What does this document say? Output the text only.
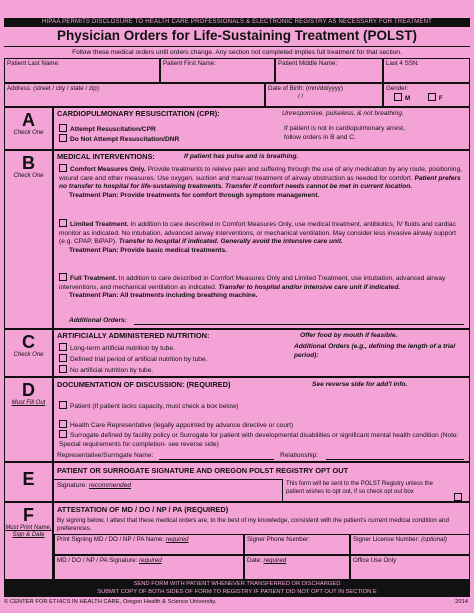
HIPAA PERMITS DISCLOSURE TO HEALTH CARE PROFESSIONALS & ELECTRONIC REGISTRY AS NECESSARY FOR TREATMENT
Physician Orders for Life-Sustaining Treatment (POLST)
Follow these medical orders until orders change. Any section not completed implies full treatment for that section.
Patient Last Name:	Patient First Name:	Patient Middle Name:	Last 4 SSN:
Address: (street / city / state / zip):	Date of Birth: (mm/dd/yyyy)
/ /
Gender:
M	F
A
Check One
CARDIOPULMONARY RESUSCITATION (CPR):	Unresponsive, pulseless, & not breathing.
Attempt Resuscitation/CPR
Do Not Attempt Resuscitation/DNR
If patient is not in cardiopulmonary arrest,
follow orders in B and C.
B
Check One
MEDICAL INTERVENTIONS:	If patient has pulse and is breathing.
Comfort Measures Only. Provide treatments to relieve pain and suffering through the use of any medication by any route, positioning, wound care and other measures. Use oxygen, suction and manual treatment of airway obstruction as needed for comfort. Patient prefers no transfer to hospital for life-sustaining treatments. Transfer if comfort needs cannot be met in current location.
Treatment Plan: Provide treatments for comfort through symptom management.
Limited Treatment. In addition to care described in Comfort Measures Only, use medical treatment, antibiotics, IV fluids and cardiac monitor as indicated. No intubation, advanced airway interventions, or mechanical ventilation. May consider less invasive airway support (e.g. CPAP, BiPAP). Transfer to hospital if indicated. Generally avoid the intensive care unit.
Treatment Plan: Provide basic medical treatments.
Full Treatment. In addition to care described in Comfort Measures Only and Limited Treatment, use intubation, advanced airway interventions, and mechanical ventilation as indicated. Transfer to hospital and/or intensive care unit if indicated.
Treatment Plan: All treatments including breathing machine.
Additional Orders:
C
Check One
ARTIFICIALLY ADMINISTERED NUTRITION:	Offer food by mouth if feasible.
Long-term artificial nutrition by tube.
Defined trial period of artificial nutrition by tube.
No artificial nutrition by tube.
Additional Orders (e.g., defining the length of a trial period):
D
Must Fill Out
DOCUMENTATION OF DISCUSSION: (REQUIRED)	See reverse side for add'l info.
Patient (If patient lacks capacity, must check a box below)
Health Care Representative (legally appointed by advance directive or court)
Surrogate defined by facility policy or Surrogate for patient with developmental disabilities or significant mental health condition (Note: Special requirements for completion- see reverse side)
Representative/Surrogate Name:	Relationship:
E	PATIENT OR SURROGATE SIGNATURE AND OREGON POLST REGISTRY OPT OUT
Signature: recommended	This form will be sent to the POLST Registry unless the patient wishes to opt out, if so check opt out box
F
Must Print Name, Sign & Date
ATTESTATION OF MD / DO / NP / PA (REQUIRED)
By signing below, I attest that these medical orders are, to the best of my knowledge, consistent with the patient's current medical condition and preferences.
Print Signing MD / DO / NP / PA Name: required	Signer Phone Number:	Signer License Number: (optional)
MD / DO / NP / PA Signature: required	Date: required	Office Use Only
SEND FORM WITH PATIENT WHENEVER TRANSFERRED OR DISCHARGED
SUBMIT COPY OF BOTH SIDES OF FORM TO REGISTRY IF PATIENT DID NOT OPT OUT IN SECTION E
© CENTER FOR ETHICS IN HEALTH CARE, Oregon Health & Science University.	2014
